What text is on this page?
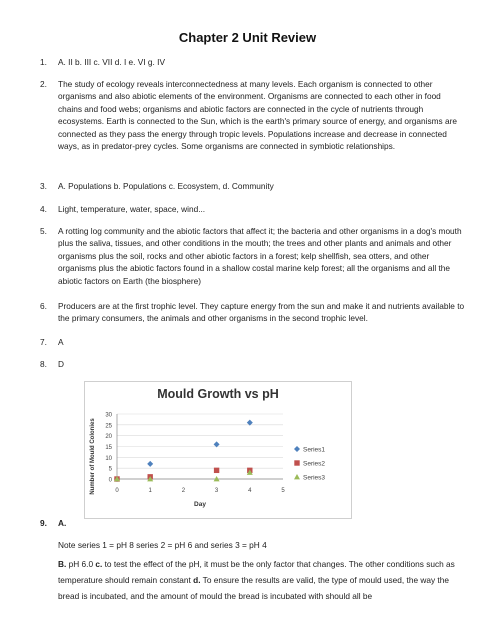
Chapter 2 Unit Review
1. A. II b. III c. VII d. I e. VI g. IV
2. The study of ecology reveals interconnectedness at many levels. Each organism is connected to other organisms and also abiotic elements of the environment. Organisms are connected to each other in food chains and food webs; organisms and abiotic factors are connected in the cycle of nutrients through ecosystems. Earth is connected to the Sun, which is the earth's primary source of energy, and organisms are connected as they pass the energy through tropic levels. Populations increase and decrease in connected ways, as in predator-prey cycles. Some organisms are connected in symbiotic relationships.
3. A. Populations b. Populations c. Ecosystem, d. Community
4. Light, temperature, water, space, wind...
5. A rotting log community and the abiotic factors that affect it; the bacteria and other organisms in a dog's mouth plus the saliva, tissues, and other conditions in the mouth; the trees and other plants and animals and other organisms plus the soil, rocks and other abiotic factors in a forest; kelp shellfish, sea otters, and other organisms plus the abiotic factors found in a shallow costal marine kelp forest; all the organisms and all the abiotic factors on Earth (the biosphere)
6. Producers are at the first trophic level. They capture energy from the sun and make it and nutrients available to the primary consumers, the animals and other organisms in the second trophic level.
7. A
8. D
Mould Growth vs pH
0
5
10
15
20
25
30
0	1	2	3	4	5
Day
Number of Mould Colonies	Series1
Series2
Series3
9. A.
Note series 1 = pH 8 series 2 = pH 6 and series 3 = pH 4
B. pH 6.0 c. to test the effect of the pH, it must be the only factor that changes. The other conditions such as temperature should remain constant d. To ensure the results are valid, the type of mould used, the way the bread is incubated, and the amount of mould the bread is incubated with should all be
